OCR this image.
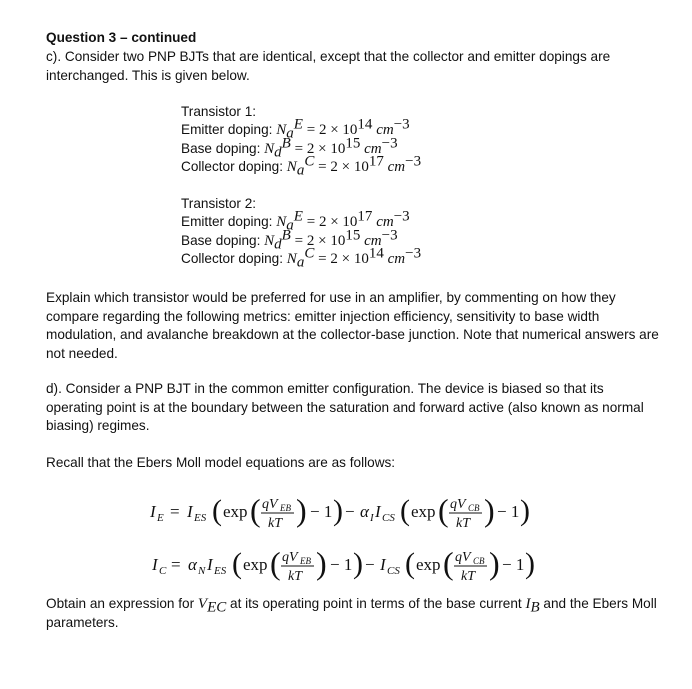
Question 3 – continued

c). Consider two PNP BJTs that are identical, except that the collector and emitter dopings are interchanged. This is given below.

Transistor 1:
Emitter doping: $N_a^E = 2 \times 10^{14}$ $cm^{-3}$
Base doping: $N_d^B = 2 \times 10^{15}$ $cm^{-3}$
Collector doping: $N_a^C = 2 \times 10^{17}$ $cm^{-3}$
Transistor 2:
Emitter doping: $N_a^E = 2 \times 10^{17}$ $cm^{-3}$
Base doping: $N_d^B = 2 \times 10^{15}$ $cm^{-3}$
Collector doping: $N_a^C = 2 \times 10^{14}$ $cm^{-3}$

Explain which transistor would be preferred for use in an amplifier, by commenting on how they compare regarding the following metrics: emitter injection efficiency, sensitivity to base width modulation, and avalanche breakdown at the collector-base junction. Note that numerical answers are not needed.

d). Consider a PNP BJT in the common emitter configuration. The device is biased so that its operating point is at the boundary between the saturation and forward active (also known as normal biasing) regimes.

Recall that the Ebers Moll model equations are as follows:

I E = I ES ( exp ( qV EB
kT ) − 1 ) − α I I CS ( exp ( qV CB
kT ) − 1 )
I C = α N I ES ( exp ( qV EB
kT ) − 1 ) − I CS ( exp ( qV CB
kT ) − 1 )

Obtain an expression for $V_{EC}$ at its operating point in terms of the base current $I_B$ and the Ebers Moll parameters.
